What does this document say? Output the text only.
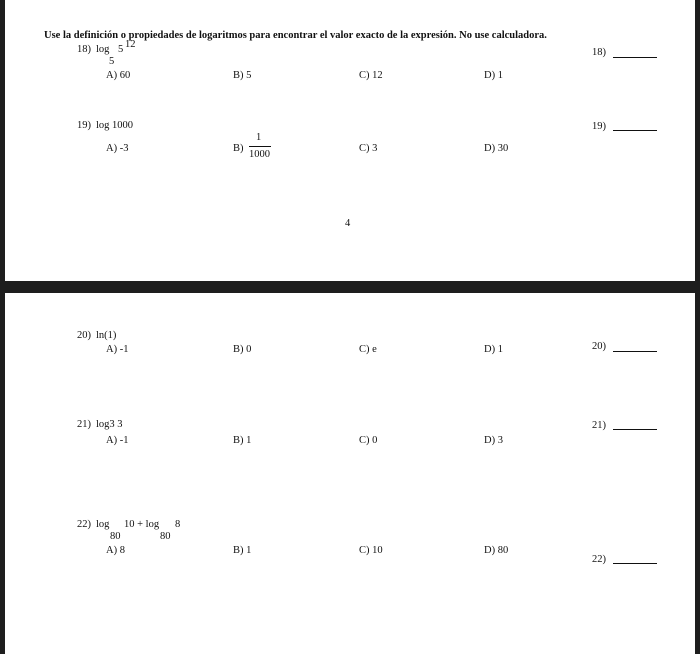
Use la definición o propiedades de logaritmos para encontrar el valor exacto de la expresión. No use calculadora.
18) log
5
5 12
A) 60	B) 5	C) 12	D) 1
18)
19) log 1000
A) -3	B)
1
1000
C) 3	D) 30
19)
4
20) ln(1)
A) -1	B) 0	C) e	D) 1	20)
21) log3 3
A) -1	B) 1	C) 0	D) 3
21)
22) log
80
10 + log
80
8
A) 8	B) 1	C) 10	D) 80
22)
